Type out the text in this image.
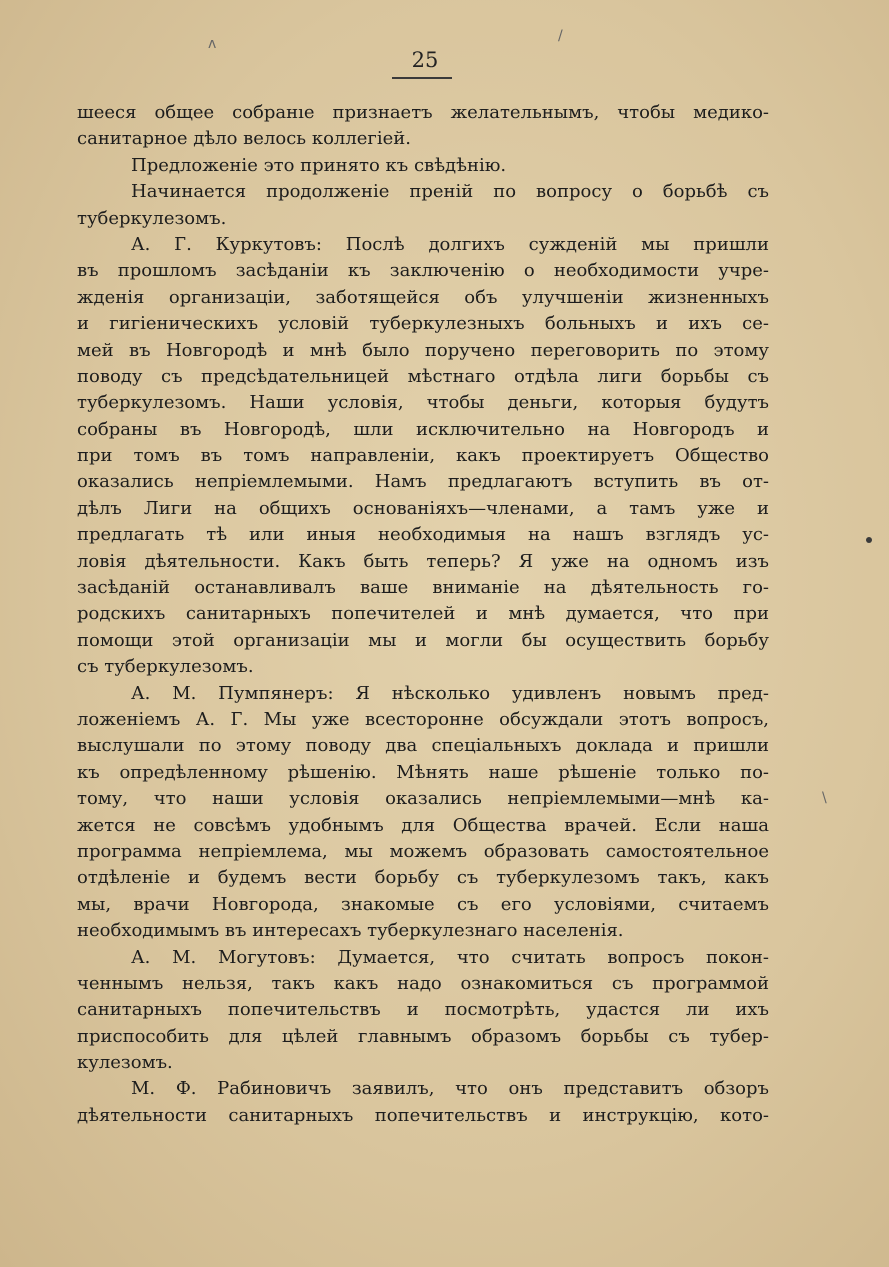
25
шееся общее собранıе признаетъ желательнымъ, чтобы медико-
санитарное дѣло велось коллегіей.
Предложеніе это принято къ свѣдѣнію.
Начинается продолженіе преній по вопросу о борьбѣ съ
туберкулезомъ.
А. Г. Куркутовъ: Послѣ долгихъ сужденій мы пришли
въ прошломъ засѣданіи къ заключенію о необходимости учре-
жденія организаціи, заботящейся объ улучшеніи жизненныхъ
и гигіеническихъ условій туберкулезныхъ больныхъ и ихъ се-
мей въ Новгородѣ и мнѣ было поручено переговорить по этому
поводу съ предсѣдательницей мѣстнаго отдѣла лиги борьбы съ
туберкулезомъ. Наши условія, чтобы деньги, которыя будутъ
собраны въ Новгородѣ, шли исключительно на Новгородъ и
при томъ въ томъ направленіи, какъ проектируетъ Общество
оказались непріемлемыми. Намъ предлагаютъ вступить въ от-
дѣлъ Лиги на общихъ основаніяхъ—членами, а тамъ уже и
предлагать тѣ или иныя необходимыя на нашъ взглядъ ус-
ловія дѣятельности. Какъ быть теперь? Я уже на одномъ изъ
засѣданій останавливалъ ваше вниманіе на дѣятельность го-
родскихъ санитарныхъ попечителей и мнѣ думается, что при
помощи этой организаціи мы и могли бы осуществить борьбу
съ туберкулезомъ.
А. М. Пумпянеръ: Я нѣсколько удивленъ новымъ пред-
ложеніемъ А. Г. Мы уже всесторонне обсуждали этотъ вопросъ,
выслушали по этому поводу два спеціальныхъ доклада и пришли
къ опредѣленному рѣшенію. Мѣнять наше рѣшеніе только по-
тому, что наши условія оказались непріемлемыми—мнѣ ка-
жется не совсѣмъ удобнымъ для Общества врачей. Если наша
программа непріемлема, мы можемъ образовать самостоятельное
отдѣленіе и будемъ вести борьбу съ туберкулезомъ такъ, какъ
мы, врачи Новгорода, знакомые съ его условіями, считаемъ
необходимымъ въ интересахъ туберкулезнаго населенія.
А. М. Могутовъ: Думается, что считать вопросъ покон-
ченнымъ нельзя, такъ какъ надо ознакомиться съ программой
санитарныхъ попечительствъ и посмотрѣть, удастся ли ихъ
приспособить для цѣлей главнымъ образомъ борьбы съ тубер-
кулезомъ.
М. Ф. Рабиновичъ заявилъ, что онъ представитъ обзоръ
дѣятельности санитарныхъ попечительствъ и инструкцію, кото-
ʌ	/
\
